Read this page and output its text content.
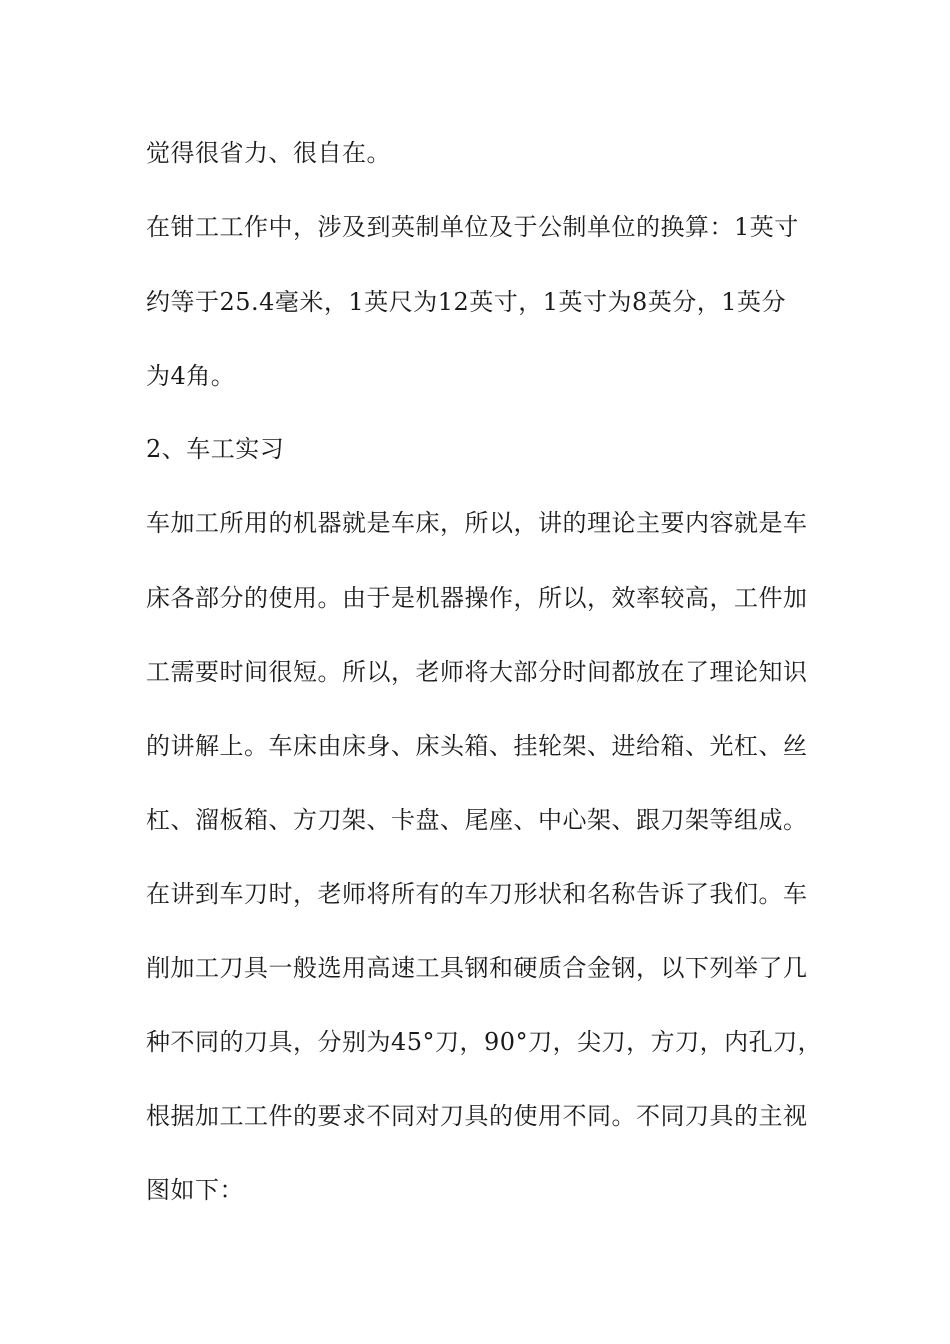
觉得很省力、很自在。
在钳工工作中，涉及到英制单位及于公制单位的换算：1英寸
约等于25.4毫米，1英尺为12英寸，1英寸为8英分，1英分
为4角。
2、车工实习
车加工所用的机器就是车床，所以，讲的理论主要内容就是车
床各部分的使用。由于是机器操作，所以，效率较高，工件加
工需要时间很短。所以，老师将大部分时间都放在了理论知识
的讲解上。车床由床身、床头箱、挂轮架、进给箱、光杠、丝
杠、溜板箱、方刀架、卡盘、尾座、中心架、跟刀架等组成。
在讲到车刀时，老师将所有的车刀形状和名称告诉了我们。车
削加工刀具一般选用高速工具钢和硬质合金钢，以下列举了几
种不同的刀具，分别为45°刀，90°刀，尖刀，方刀，内孔刀，
根据加工工件的要求不同对刀具的使用不同。不同刀具的主视
图如下：
